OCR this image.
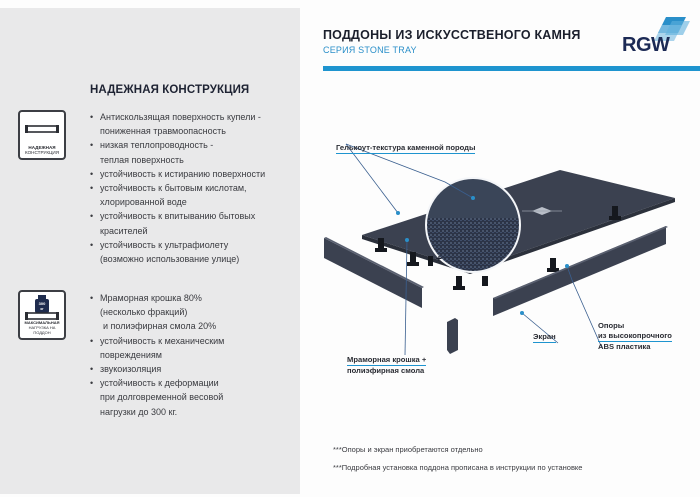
НАДЕЖНАЯ КОНСТРУКЦИЯ
НАДЕЖНАЯ
КОНСТРУКЦИЯ
• Антискользящая поверхность купели -
пониженная травмоопасность
• низкая теплопроводность -
теплая поверхность
• устойчивость к истиранию поверхности
• устойчивость к бытовым кислотам,
хлорированной воде
• устойчивость к впитыванию бытовых
красителей
• устойчивость к ультрафиолету
(возможно использование улице)
300
кг
МАКСИМАЛЬНАЯ
НАГРУЗКА НА ПОДДОН
• Мраморная крошка 80%
(несколько фракций)
и полиэфирная смола 20%
• устойчивость к механическим
повреждениям
• звукоизоляция
• устойчивость к деформации
при долговременной весовой
нагрузки до 300 кг.
ПОДДОНЫ ИЗ ИСКУССТВЕНОГО КАМНЯ
СЕРИЯ STONE TRAY	RGW
+
Гелькоут-текстура каменной породы
Мраморная крошка +
полиэфирная смола
Экран
Опоры
из высокопрочного
ABS пластика
***Опоры и экран приобретаются отдельно
***Подробная установка поддона прописана в инструкции по установке
